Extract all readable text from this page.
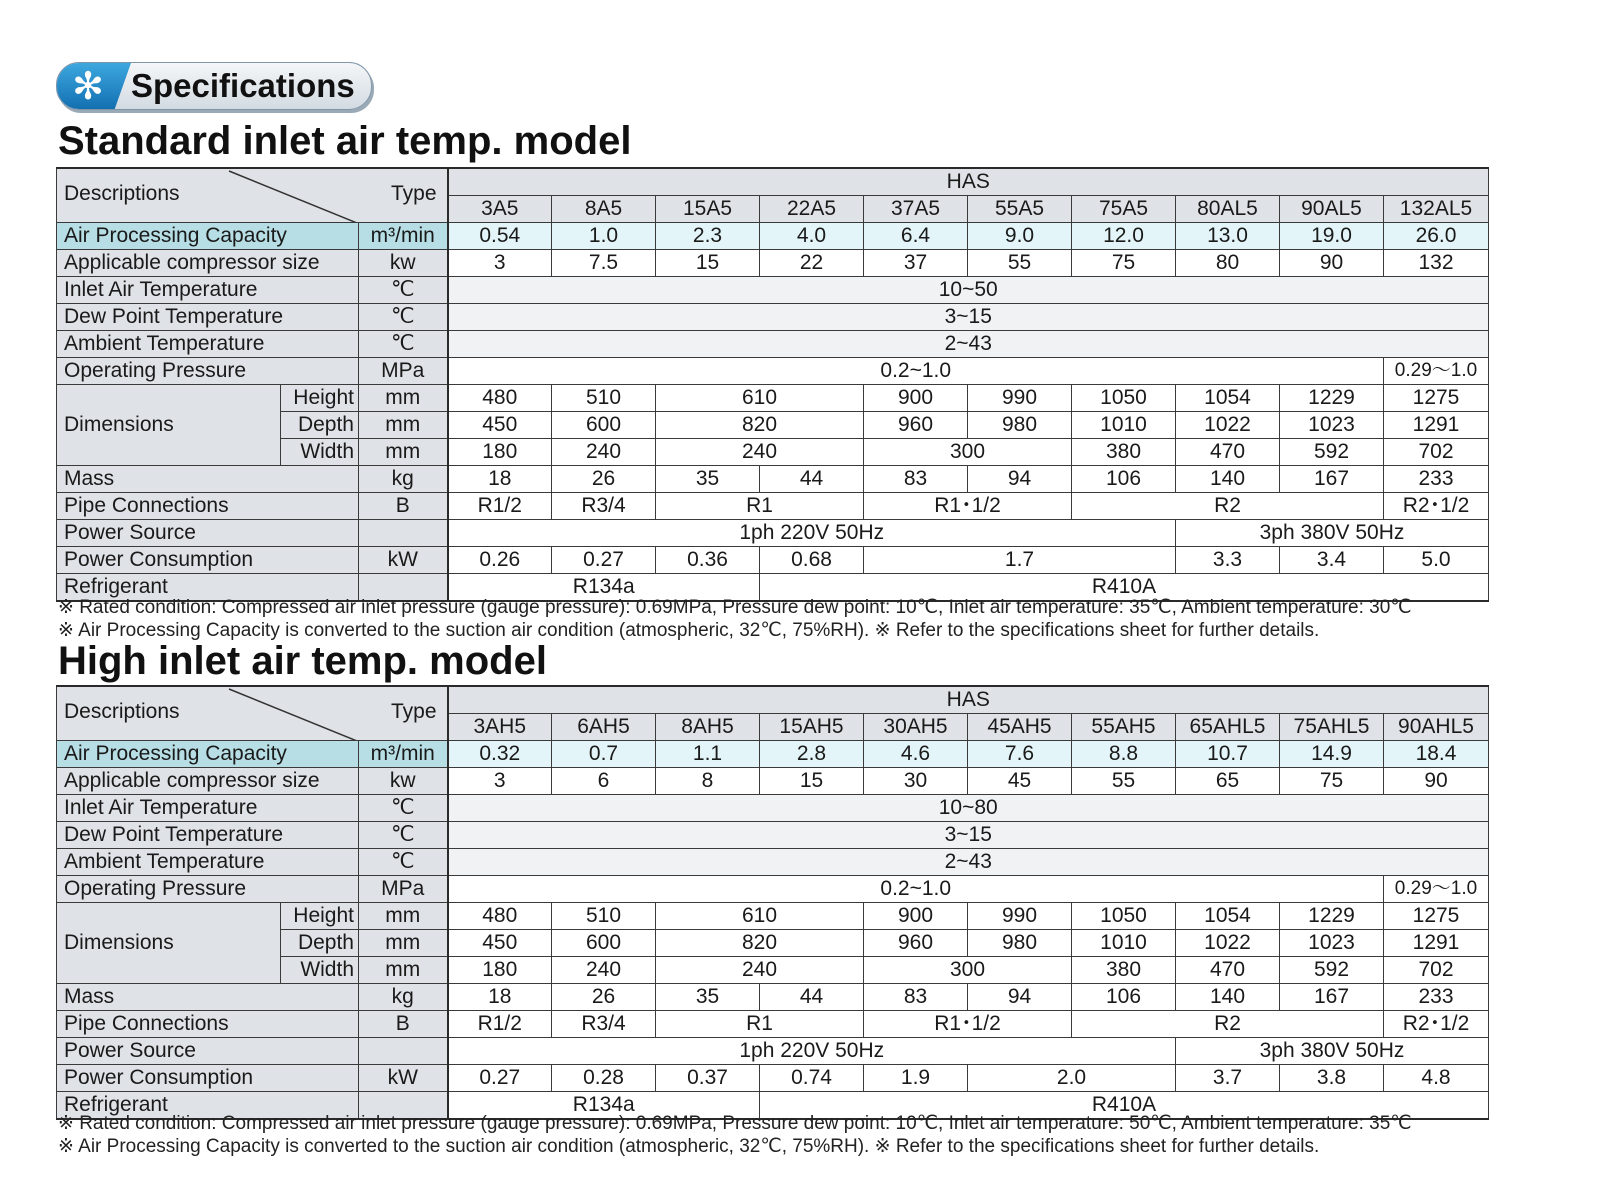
✻ Specifications
Standard inlet air temp. model
Descriptions Type			HAS									
			3A5	8A5	15A5	22A5	37A5	55A5	75A5	80AL5	90AL5	132AL5
Air Processing Capacity		m³/min	0.54	1.0	2.3	4.0	6.4	9.0	12.0	13.0	19.0	26.0
Applicable compressor size		kw	3	7.5	15	22	37	55	75	80	90	132
Inlet Air Temperature		℃	10~50									
Dew Point Temperature		℃	3~15									
Ambient Temperature		℃	2~43									
Operating Pressure		MPa	0.2~1.0									0.29～1.0
Dimensions	Height	mm	480	510	610		900	990	1050	1054	1229	1275
	Depth	mm	450	600	820		960	980	1010	1022	1023	1291
	Width	mm	180	240	240		300		380	470	592	702
Mass		kg	18	26	35	44	83	94	106	140	167	233
Pipe Connections		B	R1/2	R3/4	R1		R1･1/2		R2			R2･1/2
Power Source			1ph 220V 50Hz							3ph 380V 50Hz		
Power Consumption		kW	0.26	0.27	0.36	0.68	1.7			3.3	3.4	5.0
Refrigerant			R134a			R410A						
※ Rated condition: Compressed air inlet pressure (gauge pressure): 0.69MPa, Pressure dew point: 10℃, Inlet air temperature: 35℃, Ambient temperature: 30℃
※ Air Processing Capacity is converted to the suction air condition (atmospheric, 32℃, 75%RH). ※ Refer to the specifications sheet for further details.
High inlet air temp. model
Descriptions Type			HAS									
			3AH5	6AH5	8AH5	15AH5	30AH5	45AH5	55AH5	65AHL5	75AHL5	90AHL5
Air Processing Capacity		m³/min	0.32	0.7	1.1	2.8	4.6	7.6	8.8	10.7	14.9	18.4
Applicable compressor size		kw	3	6	8	15	30	45	55	65	75	90
Inlet Air Temperature		℃	10~80									
Dew Point Temperature		℃	3~15									
Ambient Temperature		℃	2~43									
Operating Pressure		MPa	0.2~1.0									0.29～1.0
Dimensions	Height	mm	480	510	610		900	990	1050	1054	1229	1275
	Depth	mm	450	600	820		960	980	1010	1022	1023	1291
	Width	mm	180	240	240		300		380	470	592	702
Mass		kg	18	26	35	44	83	94	106	140	167	233
Pipe Connections		B	R1/2	R3/4	R1		R1･1/2		R2			R2･1/2
Power Source			1ph 220V 50Hz							3ph 380V 50Hz		
Power Consumption		kW	0.27	0.28	0.37	0.74	1.9	2.0		3.7	3.8	4.8
Refrigerant			R134a			R410A						
※ Rated condition: Compressed air inlet pressure (gauge pressure): 0.69MPa, Pressure dew point: 10℃, Inlet air temperature: 50℃, Ambient temperature: 35℃
※ Air Processing Capacity is converted to the suction air condition (atmospheric, 32℃, 75%RH). ※ Refer to the specifications sheet for further details.
